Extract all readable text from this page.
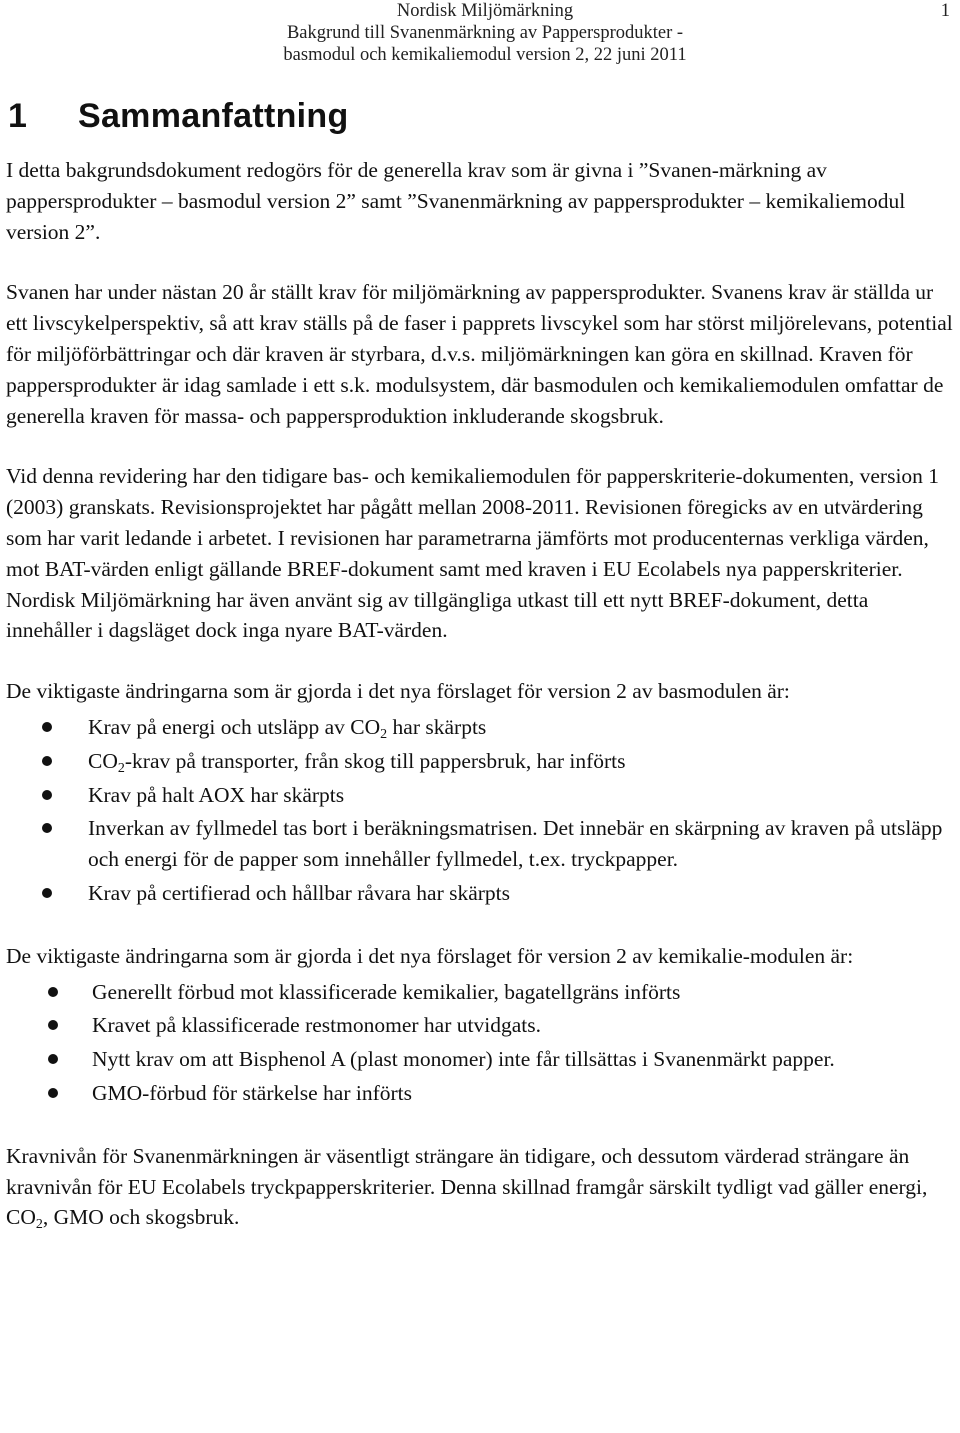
Nordisk Miljömärkning
Bakgrund till Svanenmärkning av Pappersprodukter -
basmodul och kemikaliemodul version 2, 22 juni 2011
1
1 Sammanfattning

I detta bakgrundsdokument redogörs för de generella krav som är givna i ”Svanen-märkning av pappersprodukter – basmodul version 2” samt ”Svanenmärkning av pappersprodukter – kemikaliemodul version 2”.

Svanen har under nästan 20 år ställt krav för miljömärkning av pappersprodukter. Svanens krav är ställda ur ett livscykelperspektiv, så att krav ställs på de faser i papprets livscykel som har störst miljörelevans, potential för miljöförbättringar och där kraven är styrbara, d.v.s. miljömärkningen kan göra en skillnad. Kraven för pappersprodukter är idag samlade i ett s.k. modulsystem, där basmodulen och kemikaliemodulen omfattar de generella kraven för massa- och pappersproduktion inkluderande skogsbruk.

Vid denna revidering har den tidigare bas- och kemikaliemodulen för papperskriterie-dokumenten, version 1 (2003) granskats. Revisionsprojektet har pågått mellan 2008-2011. Revisionen föregicks av en utvärdering som har varit ledande i arbetet. I revisionen har parametrarna jämförts mot producenternas verkliga värden, mot BAT-värden enligt gällande BREF-dokument samt med kraven i EU Ecolabels nya papperskriterier. Nordisk Miljömärkning har även använt sig av tillgängliga utkast till ett nytt BREF-dokument, detta innehåller i dagsläget dock inga nyare BAT-värden.

De viktigaste ändringarna som är gjorda i det nya förslaget för version 2 av basmodulen är:

Krav på energi och utsläpp av $CO_2$ har skärpts
$CO_2$-krav på transporter, från skog till pappersbruk, har införts
Krav på halt AOX har skärpts
Inverkan av fyllmedel tas bort i beräkningsmatrisen. Det innebär en skärpning av kraven på utsläpp och energi för de papper som innehåller fyllmedel, t.ex. tryckpapper.
Krav på certifierad och hållbar råvara har skärpts

De viktigaste ändringarna som är gjorda i det nya förslaget för version 2 av kemikalie-modulen är:

Generellt förbud mot klassificerade kemikalier, bagatellgräns införts
Kravet på klassificerade restmonomer har utvidgats.
Nytt krav om att Bisphenol A (plast monomer) inte får tillsättas i Svanenmärkt papper.
GMO-förbud för stärkelse har införts

Kravnivån för Svanenmärkningen är väsentligt strängare än tidigare, och dessutom värderad strängare än kravnivån för EU Ecolabels tryckpapperskriterier. Denna skillnad framgår särskilt tydligt vad gäller energi, $CO_2$, GMO och skogsbruk.
